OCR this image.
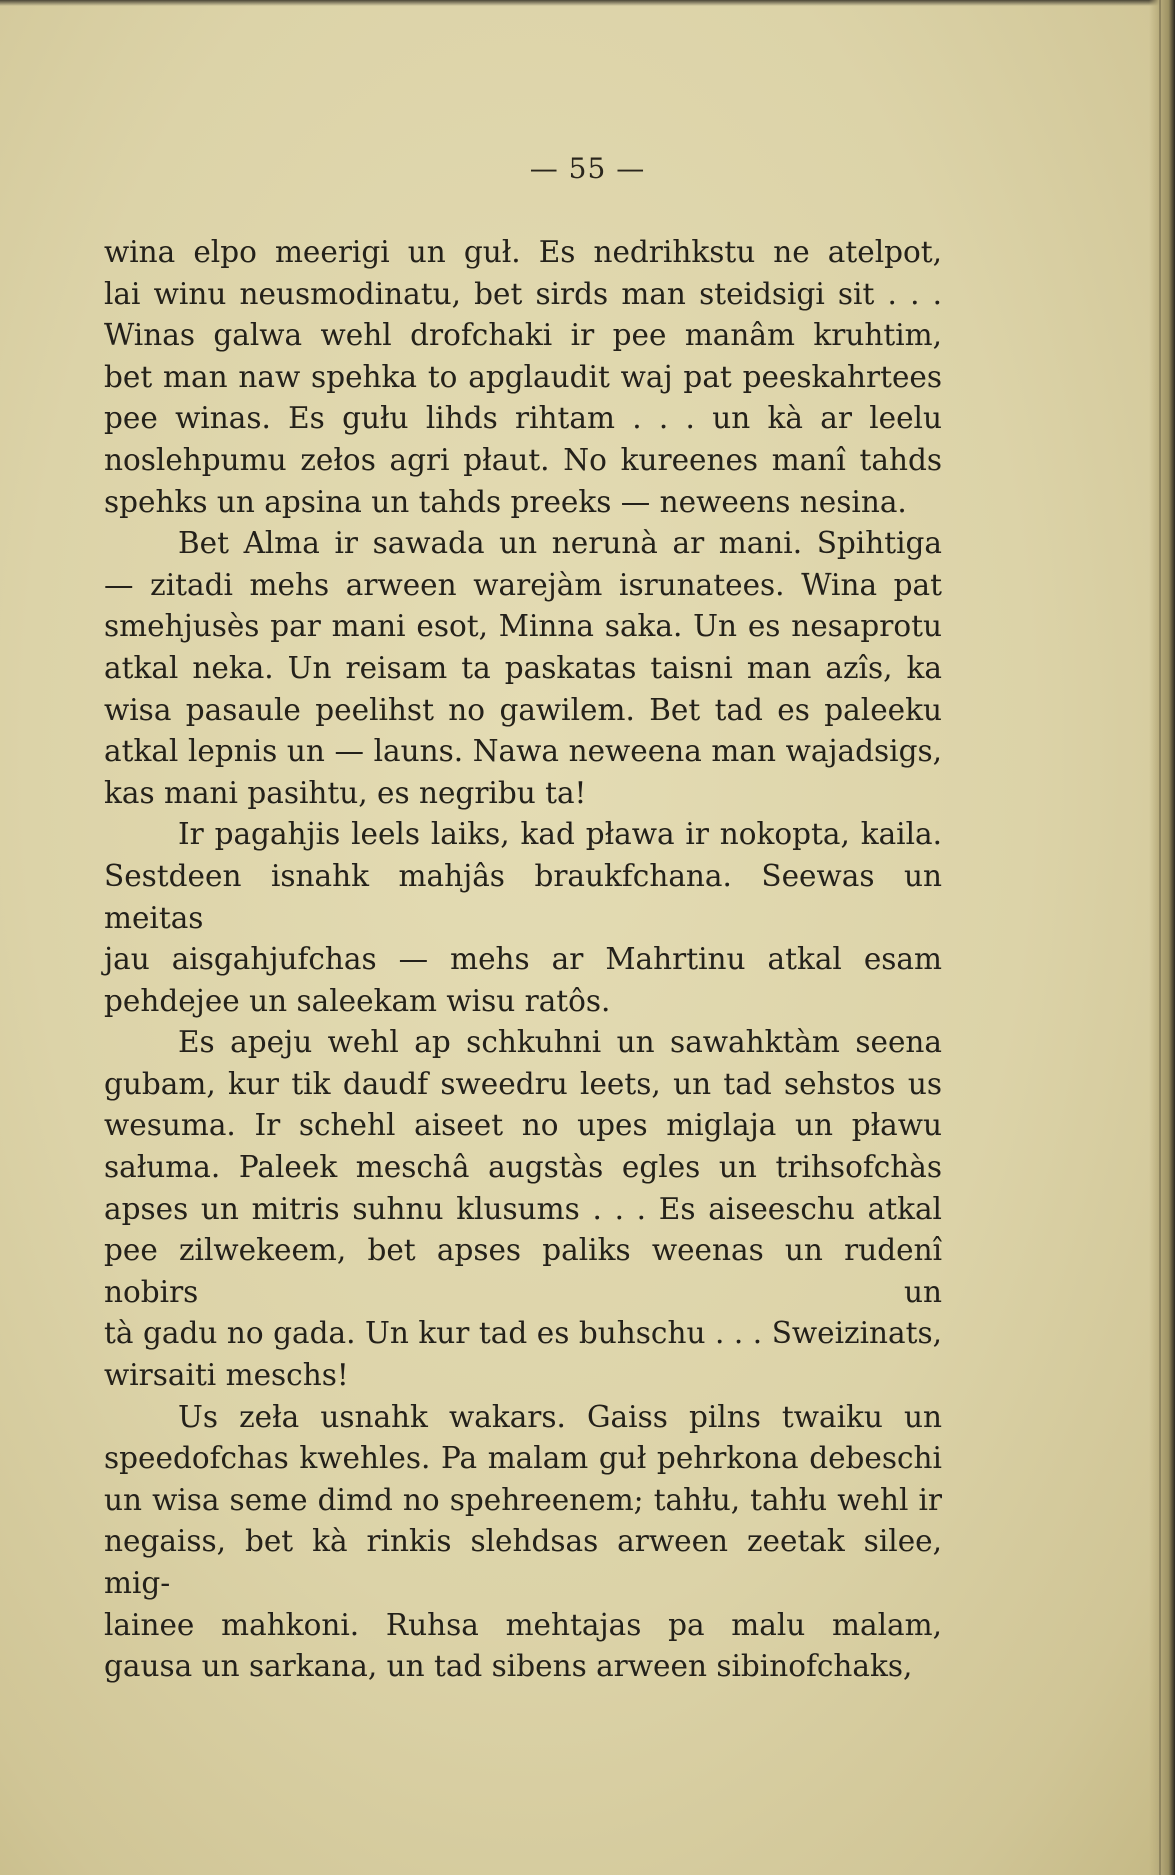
— 55 —

wina elpo meerigi un guł. Es nedrihkstu ne atelpot,
lai winu neusmodinatu, bet sirds man steidsigi sit . . .
Winas galwa wehl drofchaki ir pee manâm kruhtim,
bet man naw spehka to apglaudit waj pat peeskahrtees
pee winas. Es gułu lihds rihtam . . . un kà ar leelu
noslehpumu zełos agri płaut. No kureenes manî tahds
spehks un apsina un tahds preeks — neweens nesina.

Bet Alma ir sawada un nerunà ar mani. Spihtiga
— zitadi mehs arween warejàm isrunatees. Wina pat
smehjusès par mani esot, Minna saka. Un es nesaprotu
atkal neka. Un reisam ta paskatas taisni man azîs, ka
wisa pasaule peelihst no gawilem. Bet tad es paleeku
atkal lepnis un — launs. Nawa neweena man wajadsigs,
kas mani pasihtu, es negribu ta!

Ir pagahjis leels laiks, kad pława ir nokopta, kaila.
Sestdeen isnahk mahjâs braukfchana. Seewas un meitas
jau aisgahjufchas — mehs ar Mahrtinu atkal esam
pehdejee un saleekam wisu ratôs.

Es apeju wehl ap schkuhni un sawahktàm seena
gubam, kur tik daudf sweedru leets, un tad sehstos us
wesuma. Ir schehl aiseet no upes miglaja un pławu
sałuma. Paleek meschâ augstàs egles un trihsofchàs
apses un mitris suhnu klusums . . . Es aiseeschu atkal
pee zilwekeem, bet apses paliks weenas un rudenî nobirs un
tà gadu no gada. Un kur tad es buhschu . . . Sweizinats,
wirsaiti meschs!

Us zeła usnahk wakars. Gaiss pilns twaiku un
speedofchas kwehles. Pa malam guł pehrkona debeschi
un wisa seme dimd no spehreenem; tahłu, tahłu wehl ir
negaiss, bet kà rinkis slehdsas arween zeetak silee, mig-
lainee mahkoni. Ruhsa mehtajas pa malu malam,
gausa un sarkana, un tad sibens arween sibinofchaks,
